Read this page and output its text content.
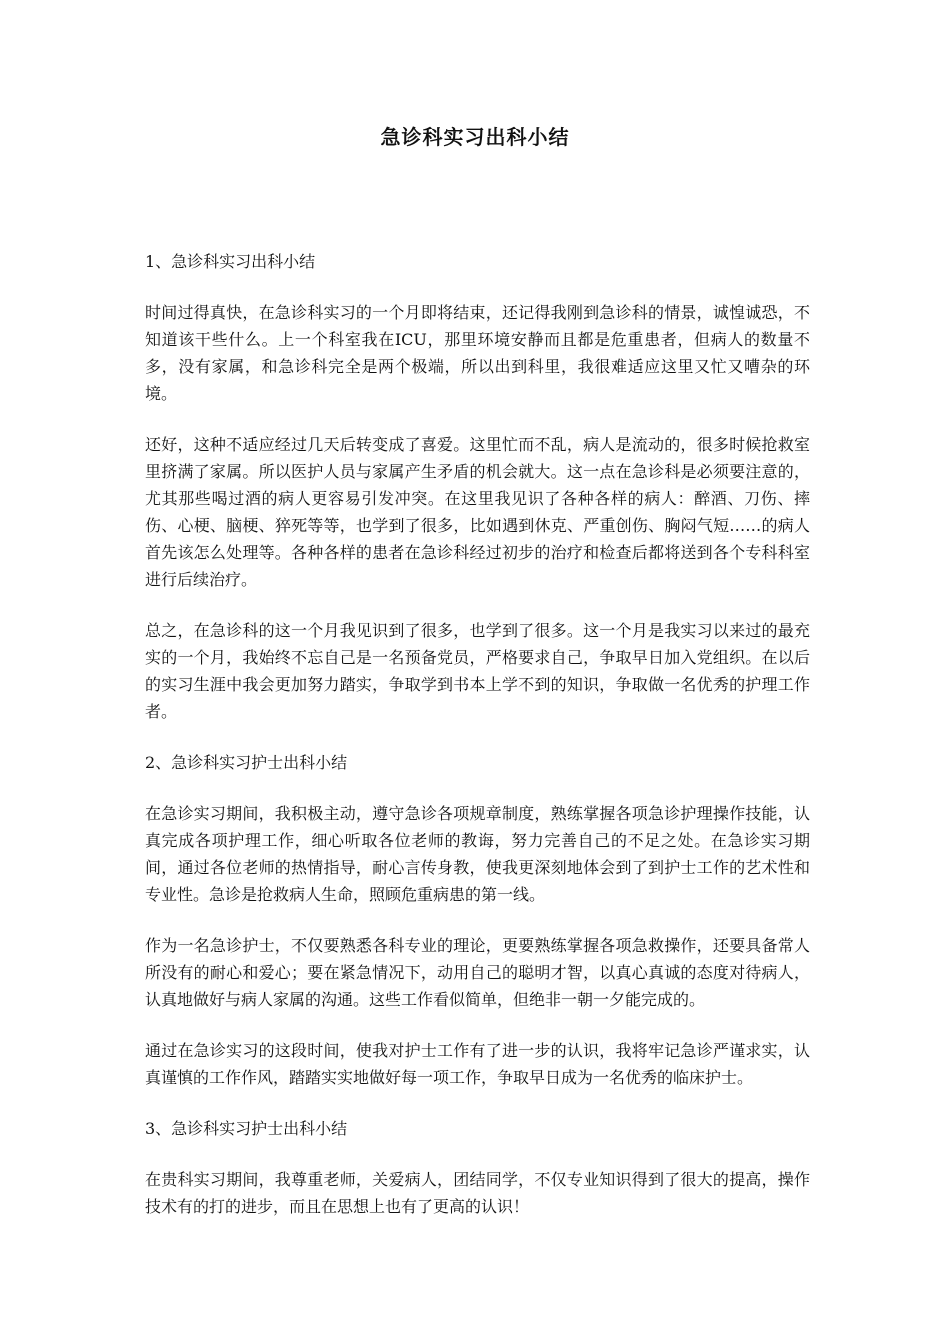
急诊科实习出科小结
1、急诊科实习出科小结

时间过得真快，在急诊科实习的一个月即将结束，还记得我刚到急诊科的情景，诚惶诚恐，不知道该干些什么。上一个科室我在ICU，那里环境安静而且都是危重患者，但病人的数量不多，没有家属，和急诊科完全是两个极端，所以出到科里，我很难适应这里又忙又嘈杂的环境。

还好，这种不适应经过几天后转变成了喜爱。这里忙而不乱，病人是流动的，很多时候抢救室里挤满了家属。所以医护人员与家属产生矛盾的机会就大。这一点在急诊科是必须要注意的，尤其那些喝过酒的病人更容易引发冲突。在这里我见识了各种各样的病人：醉酒、刀伤、摔伤、心梗、脑梗、猝死等等，也学到了很多，比如遇到休克、严重创伤、胸闷气短……的病人首先该怎么处理等。各种各样的患者在急诊科经过初步的治疗和检查后都将送到各个专科科室进行后续治疗。

总之，在急诊科的这一个月我见识到了很多，也学到了很多。这一个月是我实习以来过的最充实的一个月，我始终不忘自己是一名预备党员，严格要求自己，争取早日加入党组织。在以后的实习生涯中我会更加努力踏实，争取学到书本上学不到的知识，争取做一名优秀的护理工作者。

2、急诊科实习护士出科小结

在急诊实习期间，我积极主动，遵守急诊各项规章制度，熟练掌握各项急诊护理操作技能，认真完成各项护理工作，细心听取各位老师的教诲，努力完善自己的不足之处。在急诊实习期间，通过各位老师的热情指导，耐心言传身教，使我更深刻地体会到了到护士工作的艺术性和专业性。急诊是抢救病人生命，照顾危重病患的第一线。

作为一名急诊护士，不仅要熟悉各科专业的理论，更要熟练掌握各项急救操作，还要具备常人所没有的耐心和爱心；要在紧急情况下，动用自己的聪明才智，以真心真诚的态度对待病人，认真地做好与病人家属的沟通。这些工作看似简单，但绝非一朝一夕能完成的。

通过在急诊实习的这段时间，使我对护士工作有了进一步的认识，我将牢记急诊严谨求实，认真谨慎的工作作风，踏踏实实地做好每一项工作，争取早日成为一名优秀的临床护士。

3、急诊科实习护士出科小结

在贵科实习期间，我尊重老师，关爱病人，团结同学，不仅专业知识得到了很大的提高，操作技术有的打的进步，而且在思想上也有了更高的认识！
